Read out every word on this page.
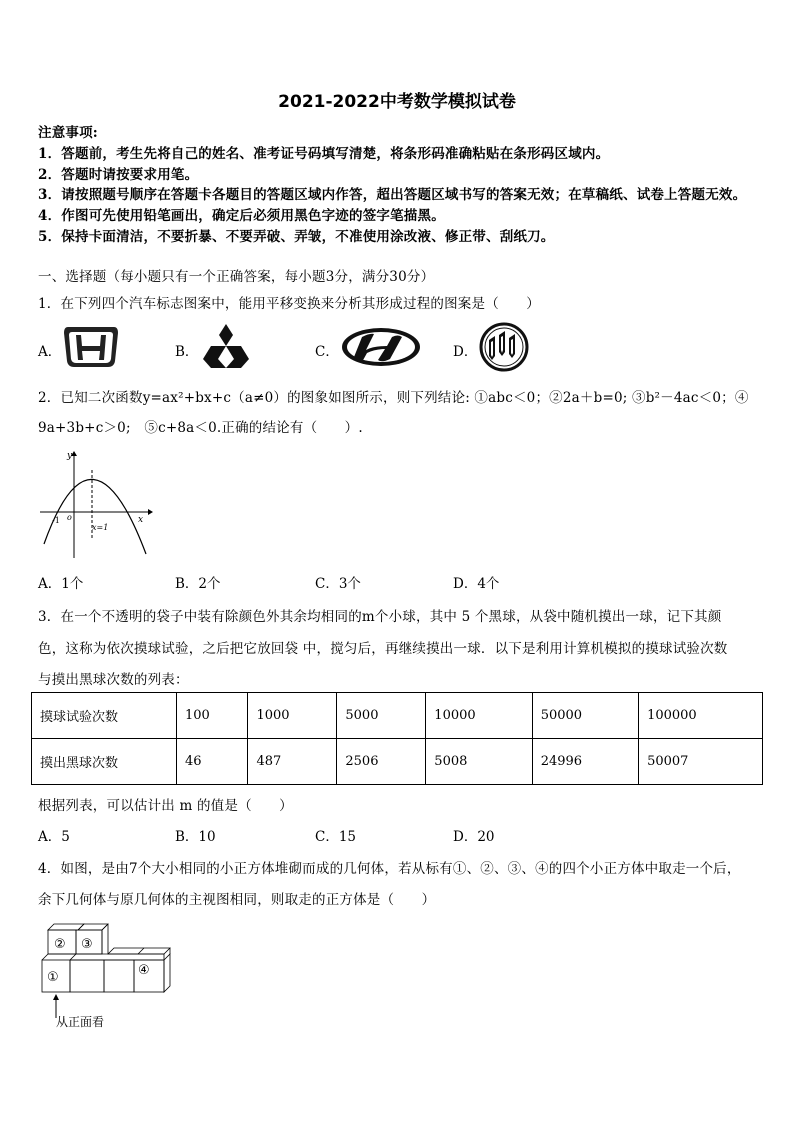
2021-2022中考数学模拟试卷
注意事项:
1．答题前，考生先将自己的姓名、准考证号码填写清楚，将条形码准确粘贴在条形码区域内。
2．答题时请按要求用笔。
3．请按照题号顺序在答题卡各题目的答题区域内作答，超出答题区域书写的答案无效；在草稿纸、试卷上答题无效。
4．作图可先使用铅笔画出，确定后必须用黑色字迹的签字笔描黑。
5．保持卡面清洁，不要折暴、不要弄破、弄皱，不准使用涂改液、修正带、刮纸刀。
一、选择题（每小题只有一个正确答案，每小题3分，满分30分）
1．在下列四个汽车标志图案中，能用平移变换来分析其形成过程的图案是（　　）
A．	B．	C．	D．
2．已知二次函数y=ax²+bx+c（a≠0）的图象如图所示，则下列结论: ①abc＜0；②2a＋b=0; ③b²－4ac＜0；④
9a+3b+c＞0;　⑤c+8a＜0.正确的结论有（　　）.
y
x
o
-1
x=1
A．1个	B．2个	C．3个	D．4个
3．在一个不透明的袋子中装有除颜色外其余均相同的m个小球，其中 5 个黑球，从袋中随机摸出一球，记下其颜
色，这称为依次摸球试验，之后把它放回袋 中，搅匀后，再继续摸出一球．以下是利用计算机模拟的摸球试验次数
与摸出黑球次数的列表：
摸球试验次数	100	1000	5000	10000	50000	100000
摸出黑球次数	46	487	2506	5008	24996	50007
根据列表，可以估计出 m 的值是（　　）
A．5	B．10	C．15	D．20
4．如图，是由7个大小相同的小正方体堆砌而成的几何体，若从标有①、②、③、④的四个小正方体中取走一个后，
余下几何体与原几何体的主视图相同，则取走的正方体是（　　）
② ③
①	④
从正面看
